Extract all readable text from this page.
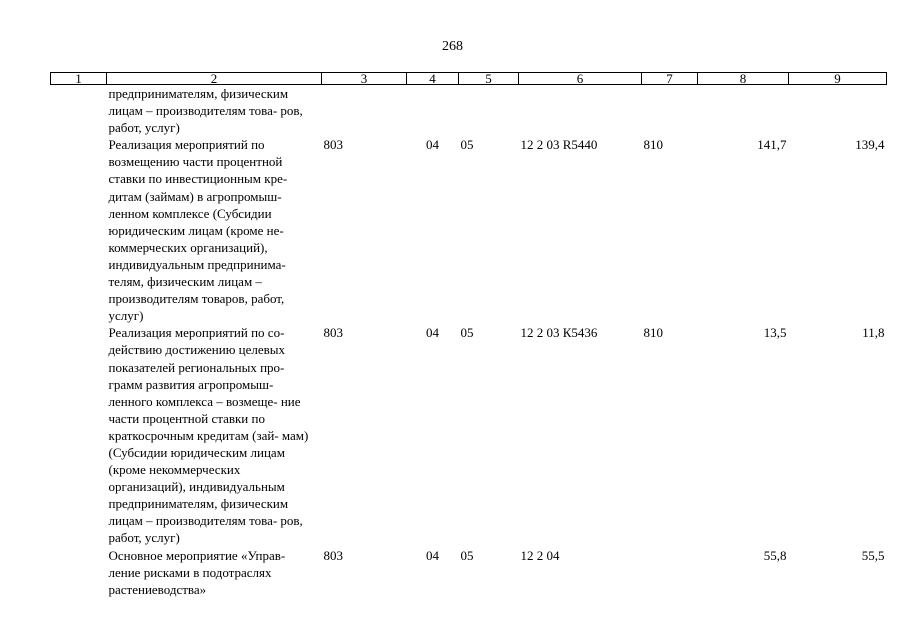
268
1	2	3	4	5	6	7	8	9
	предпринимателям, физическим лицам – производителям това- ров, работ, услуг)							
	Реализация мероприятий по возмещению части процентной ставки по инвестиционным кре- дитам (займам) в агропромыш- ленном комплексе (Субсидии юридическим лицам (кроме не- коммерческих организаций), индивидуальным предпринима- телям, физическим лицам – производителям товаров, работ, услуг)	803	04	05	12 2 03 R5440	810	141,7	139,4
	Реализация мероприятий по со- действию достижению целевых показателей региональных про- грамм развития агропромыш- ленного комплекса – возмеще- ние части процентной ставки по краткосрочным кредитам (зай- мам) (Субсидии юридическим лицам (кроме некоммерческих организаций), индивидуальным предпринимателям, физическим лицам – производителям това- ров, работ, услуг)	803	04	05	12 2 03 К5436	810	13,5	11,8
	Основное мероприятие «Управ- ление рисками в подотраслях растениеводства»	803	04	05	12 2 04		55,8	55,5
